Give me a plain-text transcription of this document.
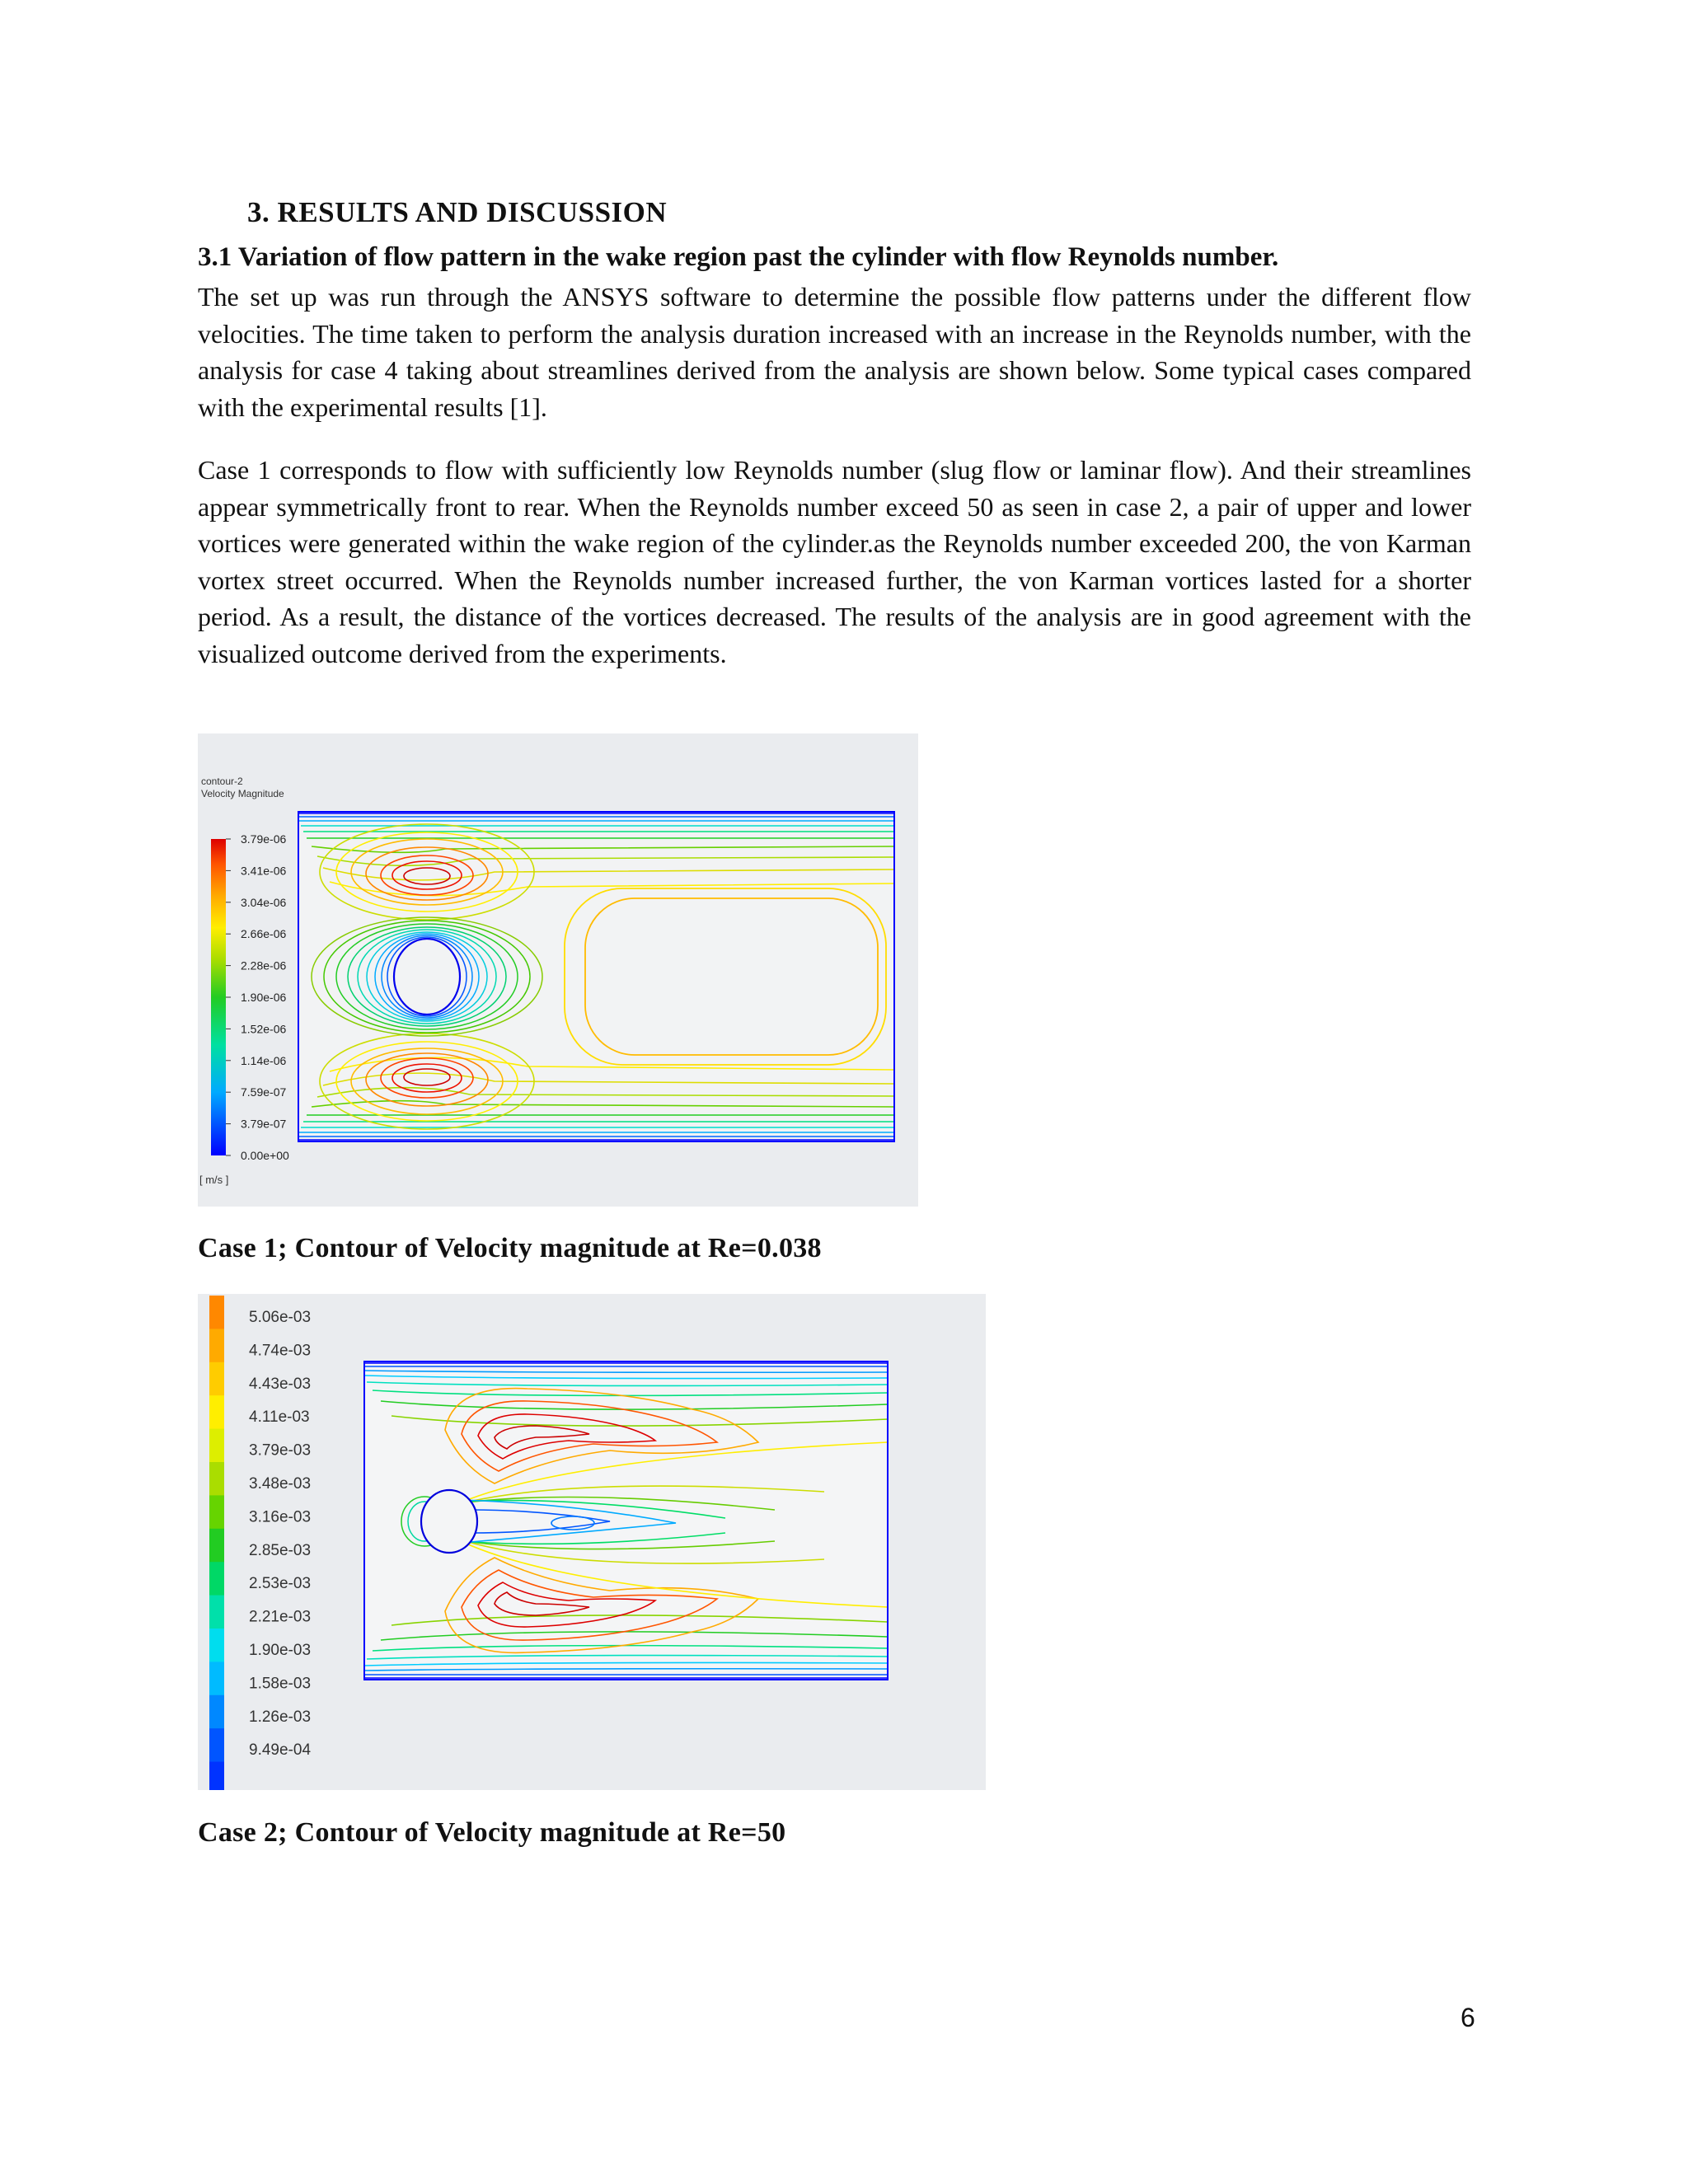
3. RESULTS AND DISCUSSION
3.1 Variation of flow pattern in the wake region past the cylinder with flow Reynolds number.
The set up was run through the ANSYS software to determine the possible flow patterns under the different flow velocities. The time taken to perform the analysis duration increased with an increase in the Reynolds number, with the analysis for case 4 taking about streamlines derived from the analysis are shown below. Some typical cases compared with the experimental results [1].
Case 1 corresponds to flow with sufficiently low Reynolds number (slug flow or laminar flow). And their streamlines appear symmetrically front to rear. When the Reynolds number exceed 50 as seen in case 2, a pair of upper and lower vortices were generated within the wake region of the cylinder.as the Reynolds number exceeded 200, the von Karman vortex street occurred. When the Reynolds number increased further, the von Karman vortices lasted for a shorter period. As a result, the distance of the vortices decreased. The results of the analysis are in good agreement with the visualized outcome derived from the experiments.
contour-2
Velocity Magnitude
3.79e-06
3.41e-06
3.04e-06
2.66e-06
2.28e-06
1.90e-06
1.52e-06
1.14e-06
7.59e-07
3.79e-07
0.00e+00
[ m/s ]
Case 1; Contour of Velocity magnitude at Re=0.038
5.06e-03
4.74e-03
4.43e-03
4.11e-03
3.79e-03
3.48e-03
3.16e-03
2.85e-03
2.53e-03
2.21e-03
1.90e-03
1.58e-03
1.26e-03
9.49e-04
Case 2; Contour of Velocity magnitude at Re=50
6
